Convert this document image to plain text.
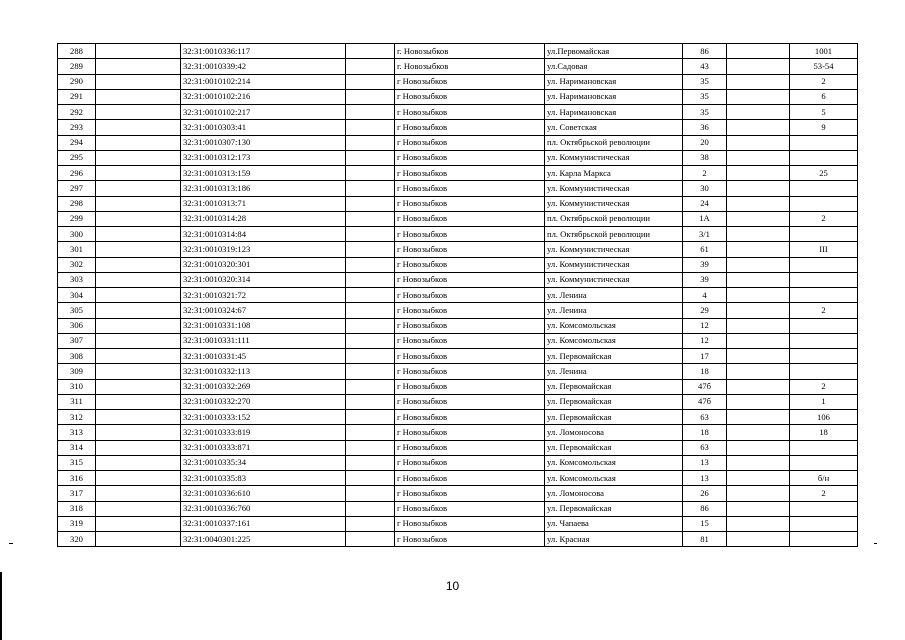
288		32:31:0010336:117		г. Новозыбков	ул.Первомайская	86		1001
289		32:31:0010339:42		г. Новозыбков	ул.Садовая	43		53-54
290		32:31:0010102:214		г Новозыбков	ул. Наримановская	35		2
291		32:31:0010102:216		г Новозыбков	ул. Наримановская	35		6
292		32:31:0010102:217		г Новозыбков	ул. Наримановская	35		5
293		32:31:0010303:41		г Новозыбков	ул. Советская	36		9
294		32:31:0010307:130		г Новозыбков	пл. Октябрьской революции	20		
295		32:31:0010312:173		г Новозыбков	ул. Коммунистическая	38		
296		32:31:0010313:159		г Новозыбков	ул. Карла Маркса	2		25
297		32:31:0010313:186		г Новозыбков	ул. Коммунистическая	30		
298		32:31:0010313:71		г Новозыбков	ул. Коммунистическая	24		
299		32:31:0010314:28		г Новозыбков	пл. Октябрьской революции	1А		2
300		32:31:0010314:84		г Новозыбков	пл. Октябрьской революции	3/1		
301		32:31:0010319:123		г Новозыбков	ул. Коммунистическая	61		III
302		32:31:0010320:301		г Новозыбков	ул. Коммунистическая	39		
303		32:31:0010320:314		г Новозыбков	ул. Коммунистическая	39		
304		32:31:0010321:72		г Новозыбков	ул. Ленина	4		
305		32:31:0010324:67		г Новозыбков	ул. Ленина	29		2
306		32:31:0010331:108		г Новозыбков	ул. Комсомольская	12		
307		32:31:0010331:111		г Новозыбков	ул. Комсомольская	12		
308		32:31:0010331:45		г Новозыбков	ул. Первомайская	17		
309		32:31:0010332:113		г Новозыбков	ул. Ленина	18		
310		32:31:0010332:269		г Новозыбков	ул. Первомайская	47б		2
311		32:31:0010332:270		г Новозыбков	ул. Первомайская	47б		1
312		32:31:0010333:152		г Новозыбков	ул. Первомайская	63		106
313		32:31:0010333:819		г Новозыбков	ул. Ломоносова	18		18
314		32:31:0010333:871		г Новозыбков	ул. Первомайская	63		
315		32:31:0010335:34		г Новозыбков	ул. Комсомольская	13		
316		32:31:0010335:83		г Новозыбков	ул. Комсомольская	13		б/н
317		32:31:0010336:610		г Новозыбков	ул. Ломоносова	26		2
318		32:31:0010336:760		г Новозыбков	ул. Первомайская	86		
319		32:31:0010337:161		г Новозыбков	ул. Чапаева	15		
320		32:31:0040301:225		г Новозыбков	ул. Красная	81		
10
